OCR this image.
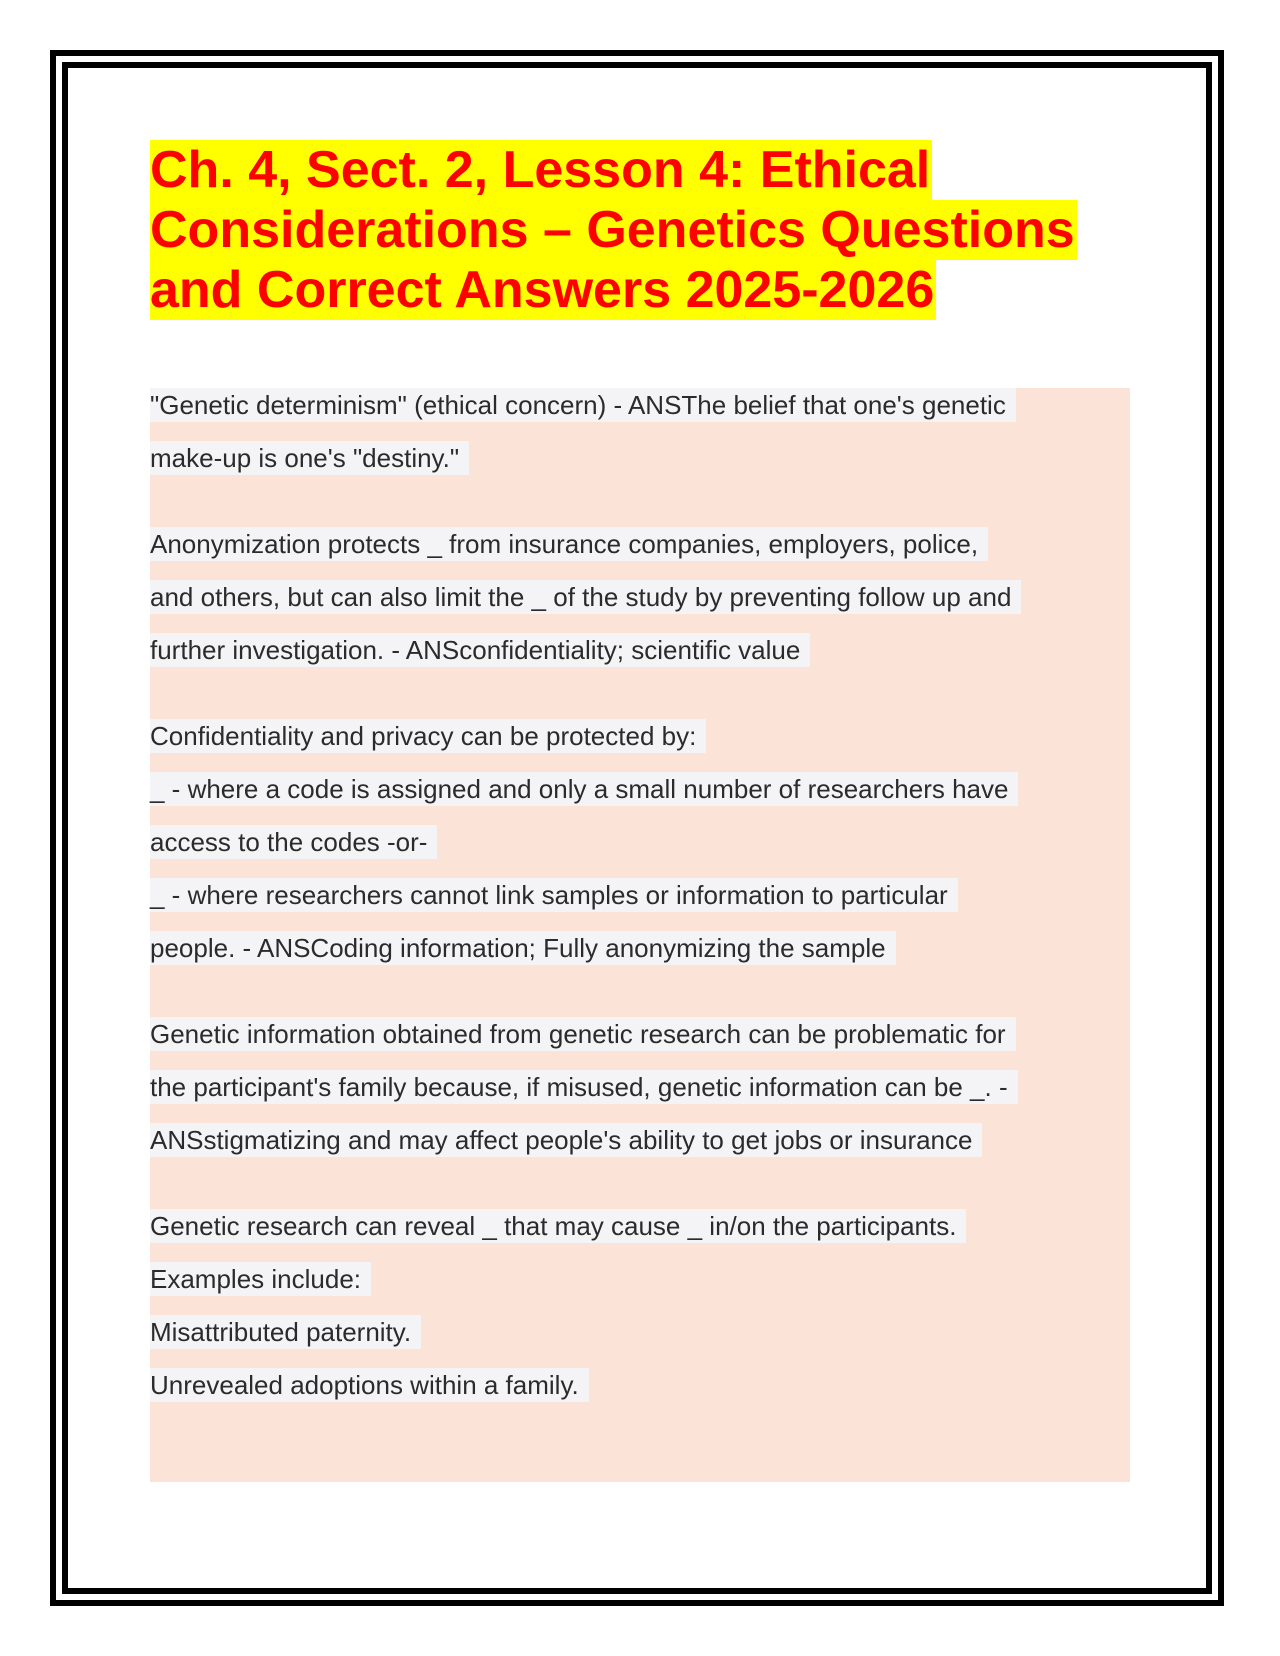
Ch. 4, Sect. 2, Lesson 4: Ethical
Considerations – Genetics Questions
and Correct Answers 2025-2026
"Genetic determinism" (ethical concern) - ANSThe belief that one's genetic
make-up is one's "destiny."
Anonymization protects _ from insurance companies, employers, police,
and others, but can also limit the _ of the study by preventing follow up and
further investigation. - ANSconfidentiality; scientific value
Confidentiality and privacy can be protected by:
_ - where a code is assigned and only a small number of researchers have
access to the codes -or-
_ - where researchers cannot link samples or information to particular
people. - ANSCoding information; Fully anonymizing the sample
Genetic information obtained from genetic research can be problematic for
the participant's family because, if misused, genetic information can be _. -
ANSstigmatizing and may affect people's ability to get jobs or insurance
Genetic research can reveal _ that may cause _ in/on the participants.
Examples include:
Misattributed paternity.
Unrevealed adoptions within a family.
